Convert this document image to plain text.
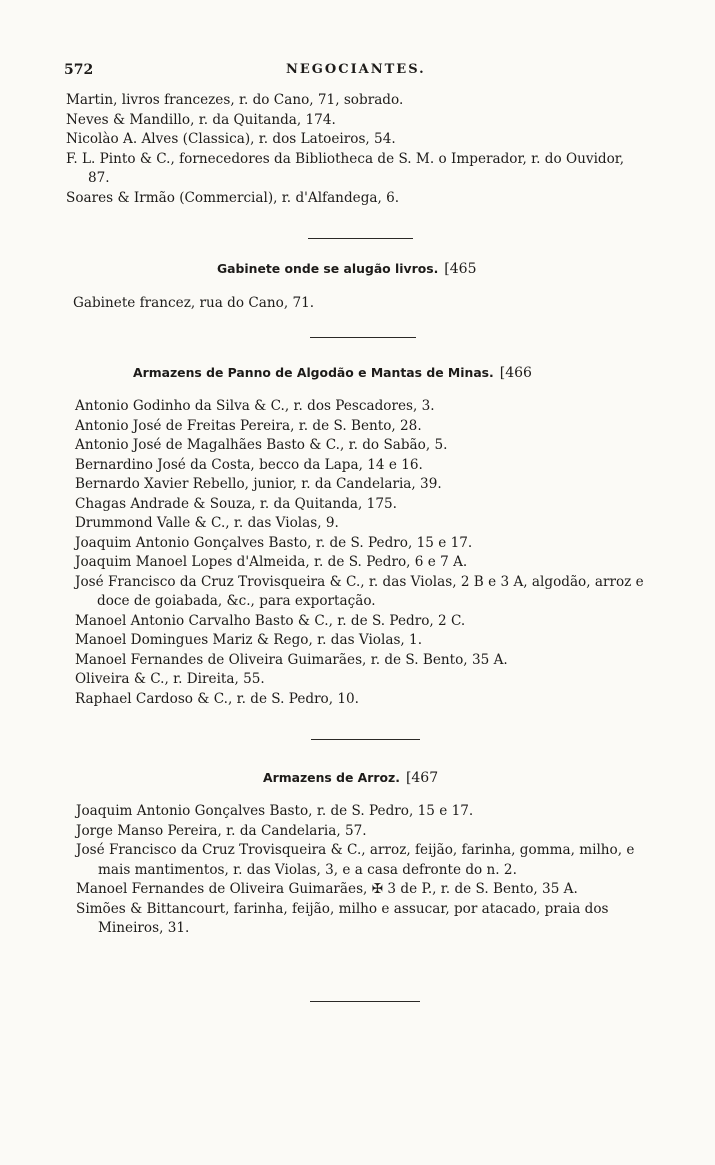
572	NEGOCIANTES.
Martin, livros francezes, r. do Cano, 71, sobrado.
Neves & Mandillo, r. da Quitanda, 174.
Nicolào A. Alves (Classica), r. dos Latoeiros, 54.
F. L. Pinto & C., fornecedores da Bibliotheca de S. M. o Imperador, r. do Ouvidor, 87.
Soares & Irmão (Commercial), r. d'Alfandega, 6.
Gabinete onde se alugão livros. [465
Gabinete francez, rua do Cano, 71.
Armazens de Panno de Algodão e Mantas de Minas. [466
Antonio Godinho da Silva & C., r. dos Pescadores, 3.
Antonio José de Freitas Pereira, r. de S. Bento, 28.
Antonio José de Magalhães Basto & C., r. do Sabão, 5.
Bernardino José da Costa, becco da Lapa, 14 e 16.
Bernardo Xavier Rebello, junior, r. da Candelaria, 39.
Chagas Andrade & Souza, r. da Quitanda, 175.
Drummond Valle & C., r. das Violas, 9.
Joaquim Antonio Gonçalves Basto, r. de S. Pedro, 15 e 17.
Joaquim Manoel Lopes d'Almeida, r. de S. Pedro, 6 e 7 A.
José Francisco da Cruz Trovisqueira & C., r. das Violas, 2 B e 3 A, algodão, arroz e doce de goiabada, &c., para exportação.
Manoel Antonio Carvalho Basto & C., r. de S. Pedro, 2 C.
Manoel Domingues Mariz & Rego, r. das Violas, 1.
Manoel Fernandes de Oliveira Guimarães, r. de S. Bento, 35 A.
Oliveira & C., r. Direita, 55.
Raphael Cardoso & C., r. de S. Pedro, 10.
Armazens de Arroz. [467
Joaquim Antonio Gonçalves Basto, r. de S. Pedro, 15 e 17.
Jorge Manso Pereira, r. da Candelaria, 57.
José Francisco da Cruz Trovisqueira & C., arroz, feijão, farinha, gomma, milho, e mais mantimentos, r. das Violas, 3, e a casa defronte do n. 2.
Manoel Fernandes de Oliveira Guimarães, ✠ 3 de P., r. de S. Bento, 35 A.
Simões & Bittancourt, farinha, feijão, milho e assucar, por atacado, praia dos Mineiros, 31.
